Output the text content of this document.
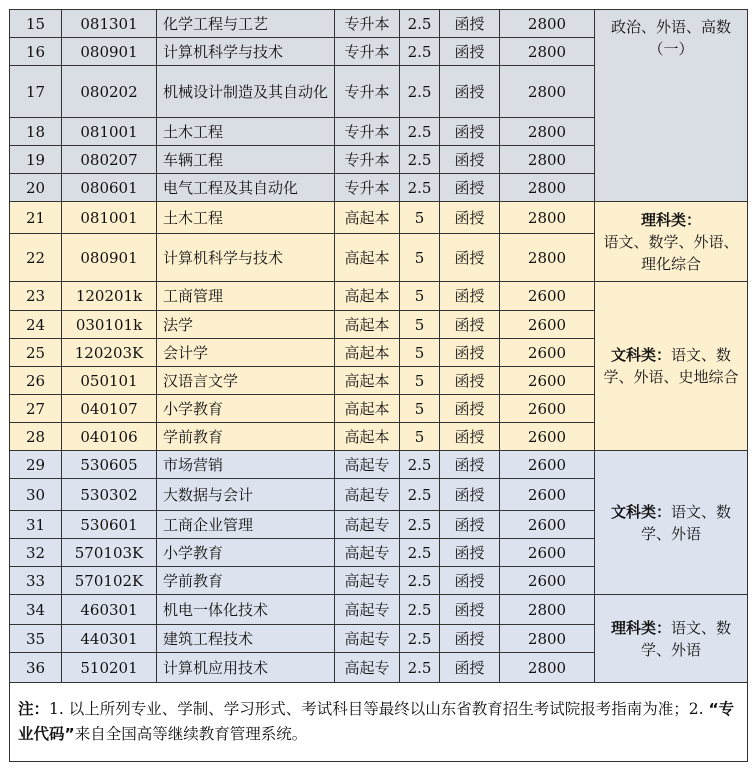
15	081301	化学工程与工艺	专升本	2.5	函授	2800	政治、外语、高数（一）
16	080901	计算机科学与技术	专升本	2.5	函授	2800	
17	080202	机械设计制造及其自动化	专升本	2.5	函授	2800	
18	081001	土木工程	专升本	2.5	函授	2800	
19	080207	车辆工程	专升本	2.5	函授	2800	
20	080601	电气工程及其自动化	专升本	2.5	函授	2800	
21	081001	土木工程	高起本	5	函授	2800	理科类：
语文、数学、外语、理化综合
22	080901	计算机科学与技术	高起本	5	函授	2800	
23	120201k	工商管理	高起本	5	函授	2600	文科类：语文、数学、外语、史地综合
24	030101k	法学	高起本	5	函授	2600	
25	120203K	会计学	高起本	5	函授	2600	
26	050101	汉语言文学	高起本	5	函授	2600	
27	040107	小学教育	高起本	5	函授	2600	
28	040106	学前教育	高起本	5	函授	2600	
29	530605	市场营销	高起专	2.5	函授	2600	文科类：语文、数学、外语
30	530302	大数据与会计	高起专	2.5	函授	2600	
31	530601	工商企业管理	高起专	2.5	函授	2600	
32	570103K	小学教育	高起专	2.5	函授	2600	
33	570102K	学前教育	高起专	2.5	函授	2600	
34	460301	机电一体化技术	高起专	2.5	函授	2800	理科类：语文、数学、外语
35	440301	建筑工程技术	高起专	2.5	函授	2800	
36	510201	计算机应用技术	高起专	2.5	函授	2800	
注：1. 以上所列专业、学制、学习形式、考试科目等最终以山东省教育招生考试院报考指南为准；2. “专业代码”来自全国高等继续教育管理系统。							
